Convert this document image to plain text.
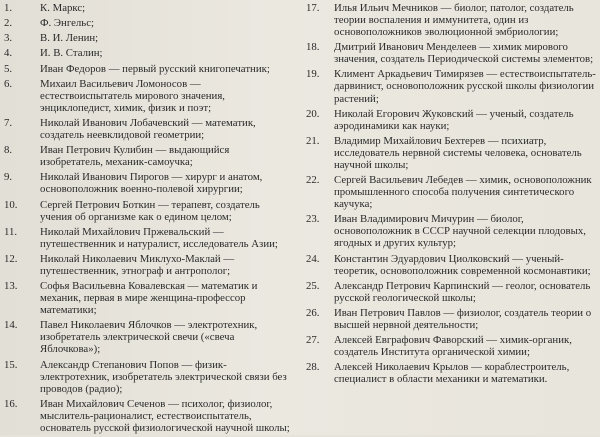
1.	К. Маркс;
2.	Ф. Энгельс;
3.	В. И. Ленин;
4.	И. В. Сталин;
5.	Иван Федоров — первый русский книгопечатник;
6.	Михаил Васильевич Ломоносов — естествоиспытатель мирового значения, энциклопедист, химик, физик и поэт;
7.	Николай Иванович Лобачевский — математик, создатель неевклидовой геометрии;
8.	Иван Петрович Кулибин — выдающийся изобретатель, механик-самоучка;
9.	Николай Иванович Пирогов — хирург и анатом, основоположник военно-полевой хирургии;
10.	Сергей Петрович Боткин — терапевт, создатель учения об организме как о едином целом;
11.	Николай Михайлович Пржевальский — путешественник и натуралист, исследователь Азии;
12.	Николай Николаевич Миклухо-Маклай — путешественник, этнограф и антрополог;
13.	Софья Васильевна Ковалевская — математик и механик, первая в мире женщина-профессор математики;
14.	Павел Николаевич Яблочков — электротехник, изобретатель электрической свечи («свеча Яблочкова»);
15.	Александр Степанович Попов — физик-электротехник, изобретатель электрической связи без проводов (радио);
16.	Иван Михайлович Сеченов — психолог, физиолог, мыслитель-рационалист, естествоиспытатель, основатель русской физиологической научной школы;
17.	Илья Ильич Мечников — биолог, патолог, создатель теории воспаления и иммунитета, один из основоположников эволюционной эмбриологии;
18.	Дмитрий Иванович Менделеев — химик мирового значения, создатель Периодической системы элементов;
19.	Климент Аркадьевич Тимирязев — естествоиспытатель-дарвинист, основоположник русской школы физиологии растений;
20.	Николай Егорович Жуковский — ученый, создатель аэродинамики как науки;
21.	Владимир Михайлович Бехтерев — психиатр, исследователь нервной системы человека, основатель научной школы;
22.	Сергей Васильевич Лебедев — химик, основоположник промышленного способа получения синтетического каучука;
23.	Иван Владимирович Мичурин — биолог, основоположник в СССР научной селекции плодовых, ягодных и других культур;
24.	Константин Эдуардович Циолковский — ученый-теоретик, основоположник современной космонавтики;
25.	Александр Петрович Карпинский — геолог, основатель русской геологической школы;
26.	Иван Петрович Павлов — физиолог, создатель теории о высшей нервной деятельности;
27.	Алексей Евграфович Фаворский — химик-органик, создатель Института органической химии;
28.	Алексей Николаевич Крылов — кораблестроитель, специалист в области механики и математики.
